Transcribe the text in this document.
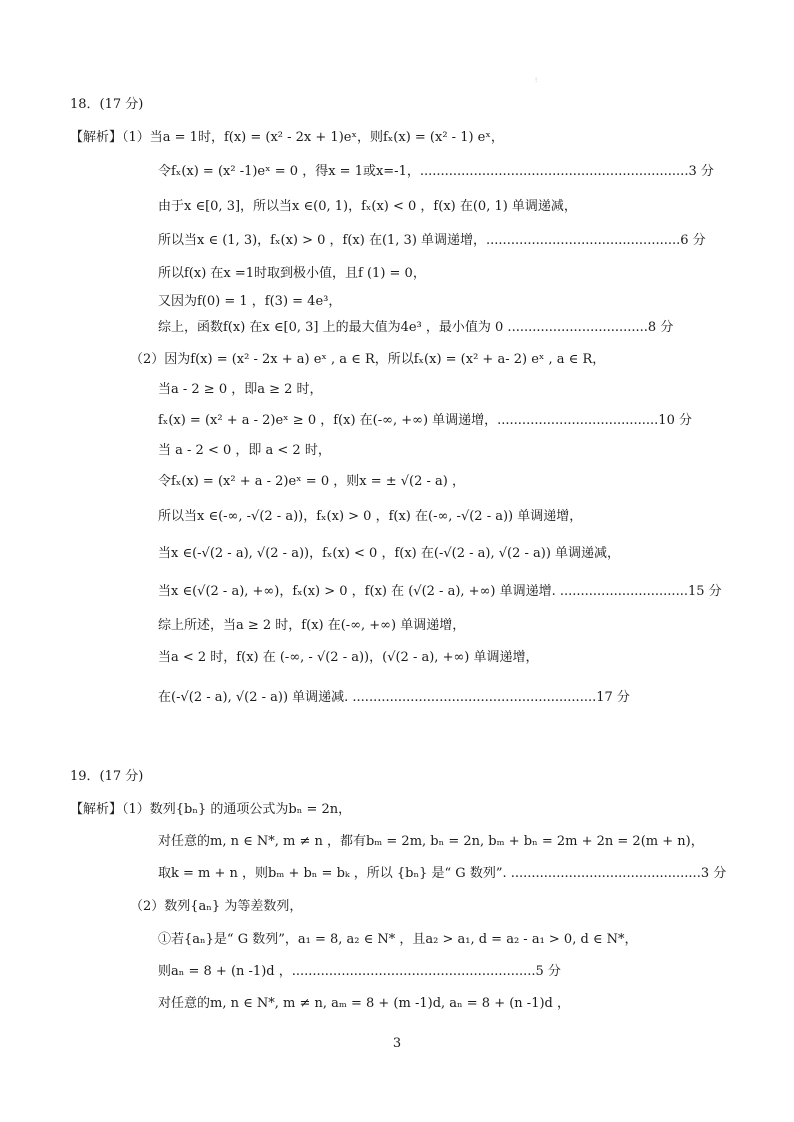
⁝
18．(17 分)
【解析】（1）当a = 1时，f(x) = (x² - 2x + 1)eˣ，则fₓ(x) = (x² - 1) eˣ，
令fₓ(x) = (x² -1)eˣ = 0 ，得x = 1或x=-1，.................................................................3 分
由于x ∈[0, 3]，所以当x ∈(0, 1)，fₓ(x) < 0 ，f(x) 在(0, 1) 单调递减，
所以当x ∈ (1, 3)，fₓ(x) > 0 ，f(x) 在(1, 3) 单调递增，...............................................6 分
所以f(x) 在x =1时取到极小值，且f (1) = 0，
又因为f(0) = 1 ，f(3) = 4e³，
综上，函数f(x) 在x ∈[0, 3] 上的最大值为4e³ ，最小值为 0 ..................................8 分
（2）因为f(x) = (x² - 2x + a) eˣ , a ∈ R，所以fₓ(x) = (x² + a- 2) eˣ , a ∈ R，
当a - 2 ≥ 0 ，即a ≥ 2 时，
fₓ(x) = (x² + a - 2)eˣ ≥ 0 ，f(x) 在(-∞, +∞) 单调递增，.......................................10 分
当 a - 2 < 0 ，即 a < 2 时，
令fₓ(x) = (x² + a - 2)eˣ = 0 ，则x = ± √(2 - a) ，
所以当x ∈(-∞, -√(2 - a))，fₓ(x) > 0 ，f(x) 在(-∞, -√(2 - a)) 单调递增，
当x ∈(-√(2 - a), √(2 - a))，fₓ(x) < 0 ，f(x) 在(-√(2 - a), √(2 - a)) 单调递减，
当x ∈(√(2 - a), +∞)，fₓ(x) > 0 ，f(x) 在 (√(2 - a), +∞) 单调递增. ...............................15 分
综上所述，当a ≥ 2 时，f(x) 在(-∞, +∞) 单调递增，
当a < 2 时，f(x) 在 (-∞, - √(2 - a))，(√(2 - a), +∞) 单调递增，
在(-√(2 - a), √(2 - a)) 单调递减. ...........................................................17 分
19．(17 分)
【解析】（1）数列{bₙ} 的通项公式为bₙ = 2n，
对任意的m, n ∈ N*, m ≠ n ，都有bₘ = 2m, bₙ = 2n, bₘ + bₙ = 2m + 2n = 2(m + n)，
取k = m + n ，则bₘ + bₙ = bₖ ，所以 {bₙ} 是“ G 数列”. ..............................................3 分
（2）数列{aₙ} 为等差数列，
①若{aₙ}是“ G 数列”，a₁ = 8, a₂ ∈ N* ，且a₂ > a₁, d = a₂ - a₁ > 0, d ∈ N*，
则aₙ = 8 + (n -1)d ，...........................................................5 分
对任意的m, n ∈ N*, m ≠ n, aₘ = 8 + (m -1)d, aₙ = 8 + (n -1)d ，
3
